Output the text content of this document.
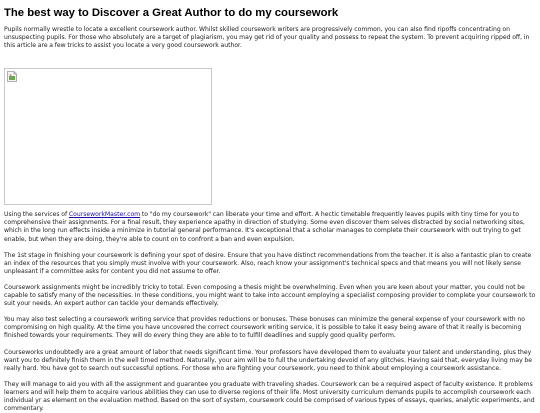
The best way to Discover a Great Author to do my coursework

Pupils normally wrestle to locate a excellent coursework author. Whilst skilled coursework writers are progressively common, you can also find ripoffs concentrating on unsuspecting pupils. For those who absolutely are a target of plagiarism, you may get rid of your quality and possess to repeat the system. To prevent acquiring ripped off, in this article are a few tricks to assist you locate a very good coursework author.

Using the services of CourseworkMaster.com to "do my coursework" can liberate your time and effort. A hectic timetable frequently leaves pupils with tiny time for you to comprehensive their assignments. For a final result, they experience apathy in direction of studying. Some even discover them selves distracted by social networking sites, which in the long run effects inside a minimize in tutorial general performance. It's exceptional that a scholar manages to complete their coursework with out trying to get enable, but when they are doing, they're able to count on to confront a ban and even expulsion.

The 1st stage in finishing your coursework is defining your spot of desire. Ensure that you have distinct recommendations from the teacher. It is also a fantastic plan to create an index of the resources that you simply must involve with your coursework. Also, reach know your assignment's technical specs and that means you will not likely sense unpleasant if a committee asks for content you did not assume to offer.

Coursework assignments might be incredibly tricky to total. Even composing a thesis might be overwhelming. Even when you are keen about your matter, you could not be capable to satisfy many of the necessities. In these conditions, you might want to take into account employing a specialist composing provider to complete your coursework to suit your needs. An expert author can tackle your demands effectively.

You may also test selecting a coursework writing service that provides reductions or bonuses. These bonuses can minimize the general expense of your coursework with no compromising on high quality. At the time you have uncovered the correct coursework writing service, it is possible to take it easy being aware of that it really is becoming finished towards your requirements. They will do every thing they are able to to fulfill deadlines and supply good quality perform.

Courseworks undoubtedly are a great amount of labor that needs significant time. Your professors have developed them to evaluate your talent and understanding, plus they want you to definitely finish them in the well timed method. Naturally, your aim will be to full the undertaking devoid of any glitches. Having said that, everyday living may be really hard. You have got to search out successful options. For those who are fighting your coursework, you need to think about employing a coursework assistance.

They will manage to aid you with all the assignment and guarantee you graduate with traveling shades. Coursework can be a required aspect of faculty existence. It problems learners and will help them to acquire various abilities they can use to diverse regions of their life. Most university curriculum demands pupils to accomplish coursework each individual yr as element on the evaluation method. Based on the sort of system, coursework could be comprised of various types of essays, queries, analytic experiments, and commentary.
